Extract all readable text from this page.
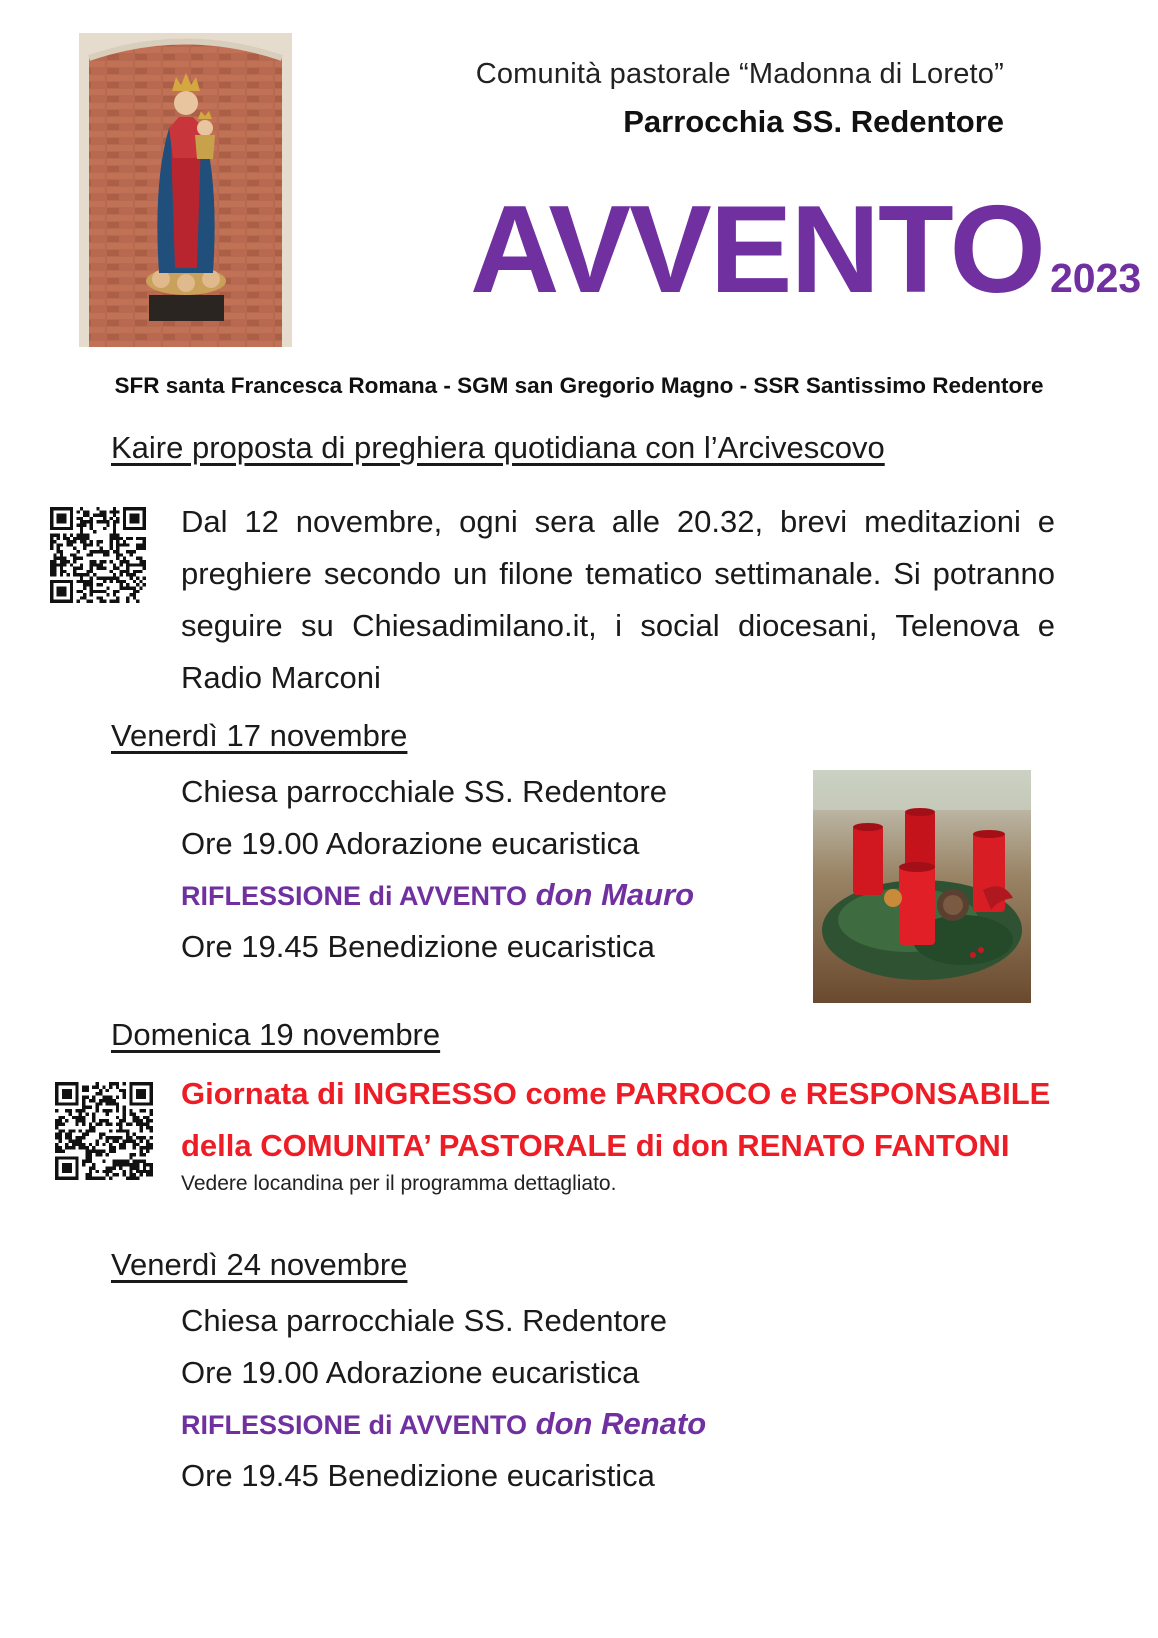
Comunità pastorale “Madonna di Loreto”
Parrocchia SS. Redentore
AVVENTO 2023
SFR santa Francesca Romana - SGM san Gregorio Magno - SSR Santissimo Redentore
Kaire proposta di preghiera quotidiana con l’Arcivescovo
Dal 12 novembre, ogni sera alle 20.32, brevi meditazioni e preghiere secondo un filone tematico settimanale. Si potranno seguire su Chiesadimilano.it, i social diocesani, Telenova e Radio Marconi
Venerdì 17 novembre
Chiesa parrocchiale SS. Redentore
Ore 19.00 Adorazione eucaristica
RIFLESSIONE di AVVENTO don Mauro
Ore 19.45 Benedizione eucaristica
Domenica 19 novembre
Giornata di INGRESSO come PARROCO e RESPONSABILE
della COMUNITA’ PASTORALE di don RENATO FANTONI
Vedere locandina per il programma dettagliato.
Venerdì 24 novembre
Chiesa parrocchiale SS. Redentore
Ore 19.00 Adorazione eucaristica
RIFLESSIONE di AVVENTO don Renato
Ore 19.45 Benedizione eucaristica
